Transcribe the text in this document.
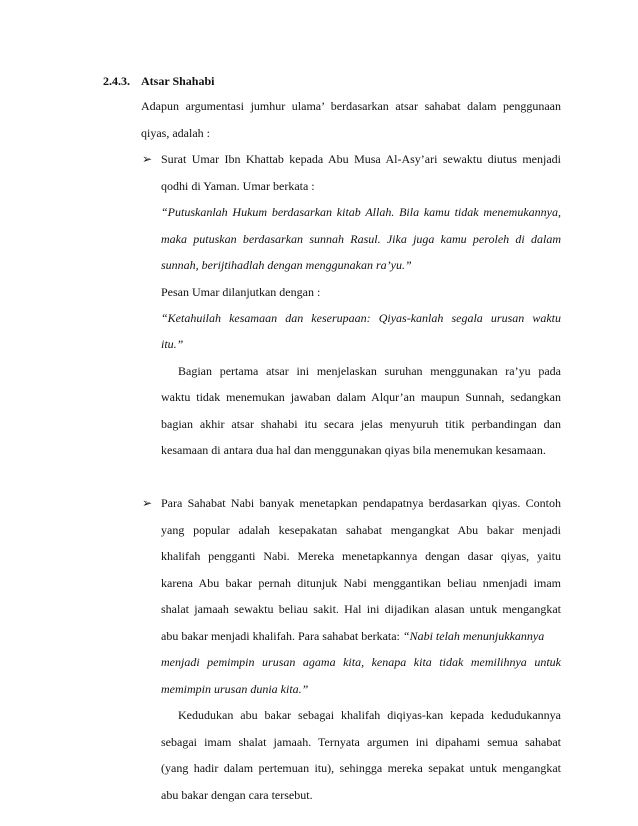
2.4.3. Atsar Shahabi
Adapun argumentasi jumhur ulama’ berdasarkan atsar sahabat dalam penggunaan
qiyas, adalah :
➢ Surat Umar Ibn Khattab kepada Abu Musa Al-Asy’ari sewaktu diutus menjadi
qodhi di Yaman. Umar berkata :
“Putuskanlah Hukum berdasarkan kitab Allah. Bila kamu tidak menemukannya,
maka putuskan berdasarkan sunnah Rasul. Jika juga kamu peroleh di dalam
sunnah, berijtihadlah dengan menggunakan ra’yu.”
Pesan Umar dilanjutkan dengan :
“Ketahuilah kesamaan dan keserupaan: Qiyas-kanlah segala urusan waktu
itu.”
Bagian pertama atsar ini menjelaskan suruhan menggunakan ra’yu pada
waktu tidak menemukan jawaban dalam Alqur’an maupun Sunnah, sedangkan
bagian akhir atsar shahabi itu secara jelas menyuruh titik perbandingan dan
kesamaan di antara dua hal dan menggunakan qiyas bila menemukan kesamaan.
➢ Para Sahabat Nabi banyak menetapkan pendapatnya berdasarkan qiyas. Contoh
yang popular adalah kesepakatan sahabat mengangkat Abu bakar menjadi
khalifah pengganti Nabi. Mereka menetapkannya dengan dasar qiyas, yaitu
karena Abu bakar pernah ditunjuk Nabi menggantikan beliau nmenjadi imam
shalat jamaah sewaktu beliau sakit. Hal ini dijadikan alasan untuk mengangkat
abu bakar menjadi khalifah. Para sahabat berkata: “Nabi telah menunjukkannya
menjadi pemimpin urusan agama kita, kenapa kita tidak memilihnya untuk
memimpin urusan dunia kita.”
Kedudukan abu bakar sebagai khalifah diqiyas-kan kepada kedudukannya
sebagai imam shalat jamaah. Ternyata argumen ini dipahami semua sahabat
(yang hadir dalam pertemuan itu), sehingga mereka sepakat untuk mengangkat
abu bakar dengan cara tersebut.
